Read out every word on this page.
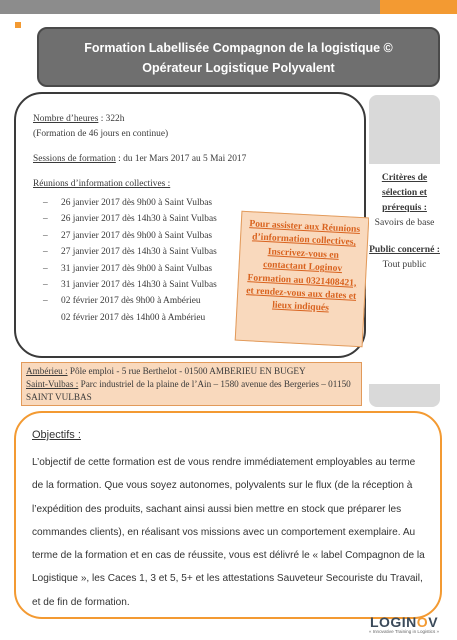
Formation Labellisée Compagnon de la logistique ©
Opérateur Logistique Polyvalent

Nombre d’heures : 322h

(Formation de 46 jours en continue)

Sessions de formation : du 1er Mars 2017 au 5 Mai 2017

Réunions d’information collectives :

– 26 janvier 2017 dès 9h00 à Saint Vulbas
– 26 janvier 2017 dès 14h30 à Saint Vulbas
– 27 janvier 2017 dès 9h00 à Saint Vulbas
– 27 janvier 2017 dès 14h30 à Saint Vulbas
– 31 janvier 2017 dès 9h00 à Saint Vulbas
– 31 janvier 2017 dès 14h30 à Saint Vulbas
– 02 février 2017 dès 9h00 à Ambérieu
02 février 2017 dès 14h00 à Ambérieu
Pour assister aux Réunions d’information collectives, Inscrivez-vous en contactant Loginov Formation au 0321408421, et rendez-vous aux dates et lieux indiqués
Critères de sélection et prérequis :
Savoirs de base
Public concerné :
Tout public
Ambérieu : Pôle emploi - 5 rue Berthelot - 01500 AMBERIEU EN BUGEY
Saint-Vulbas : Parc industriel de la plaine de l’Ain – 1580 avenue des Bergeries – 01150 SAINT VULBAS
Objectifs :
L’objectif de cette formation est de vous rendre immédiatement employables au terme de la formation. Que vous soyez autonomes, polyvalents sur le flux (de la réception à l’expédition des produits, sachant ainsi aussi bien mettre en stock que préparer les commandes clients), en réalisant vos missions avec un comportement exemplaire. Au terme de la formation et en cas de réussite, vous est délivré le « label Compagnon de la Logistique », les Caces 1, 3 et 5, 5+ et les attestations Sauveteur Secouriste du Travail, et de fin de formation.
LOGINOV
« Innovative Training in Logistics »
